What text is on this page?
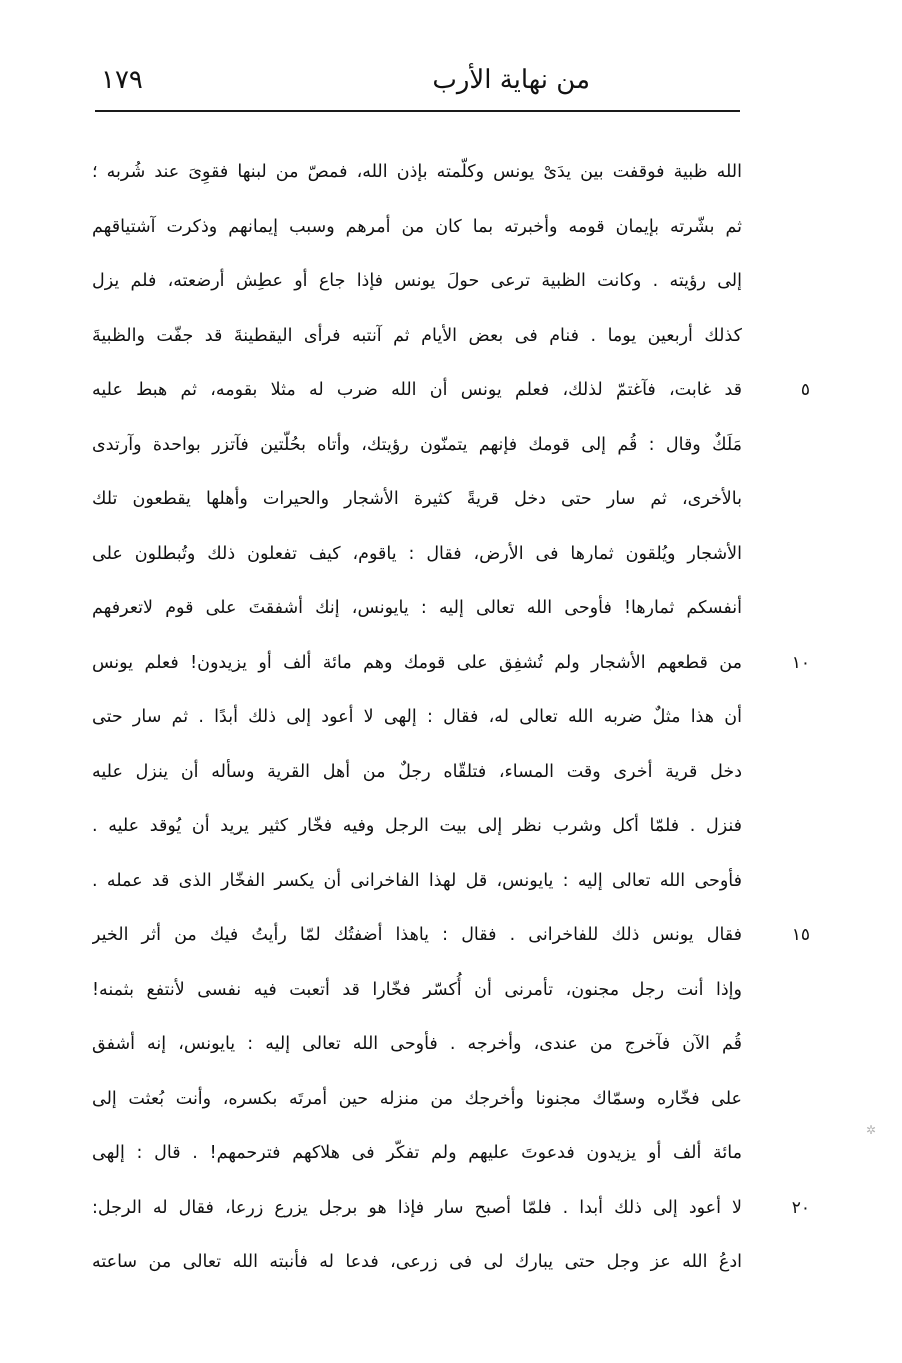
١٧٩	من نهاية الأرب
الله ظبية فوقفت بين يدَىْ يونس وكلّمته بإذن الله، فمصّ من لبنها فقوِىَ عند شُربه ؛
ثم بشّرته بإيمان قومه وأخبرته بما كان من أمرهم وسبب إيمانهم وذكرت آشتياقهم
إلى رؤيته . وكانت الظبية ترعى حولَ يونس فإذا جاع أو عطِش أرضعته، فلم يزل
كذلك أربعين يوما . فنام فى بعض الأيام ثم آنتبه فرأى اليقطينةَ قد جفّت والظبيةَ
قد غابت، فآغتمّ لذلك، فعلم يونس أن الله ضرب له مثلا بقومه، ثم هبط عليه
مَلَكٌ وقال : قُم إلى قومك فإنهم يتمنّون رؤيتك، وأتاه بحُلّتين فآتزر بواحدة وآرتدى
بالأخرى، ثم سار حتى دخل قريةً كثيرة الأشجار والحيرات وأهلها يقطعون تلك
الأشجار ويُلقون ثمارها فى الأرض، فقال : ياقوم، كيف تفعلون ذلك وتُبطلون على
أنفسكم ثمارها! فأوحى الله تعالى إليه : يايونس، إنك أشفقتَ على قوم لاتعرفهم
من قطعهم الأشجار ولم تُشفِق على قومك وهم مائة ألف أو يزيدون! فعلم يونس
أن هذا مثلٌ ضربه الله تعالى له، فقال : إلهى لا أعود إلى ذلك أبدًا . ثم سار حتى
دخل قرية أخرى وقت المساء، فتلقّاه رجلٌ من أهل القرية وسأله أن ينزل عليه
فنزل . فلمّا أكل وشرب نظر إلى بيت الرجل وفيه فخّار كثير يريد أن يُوقد عليه .
فأوحى الله تعالى إليه : يايونس، قل لهذا الفاخرانى أن يكسر الفخّار الذى قد عمله .
فقال يونس ذلك للفاخرانى . فقال : ياهذا أضفتُك لمّا رأيتُ فيك من أثر الخير
وإذا أنت رجل مجنون، تأمرنى أن أُكسّر فخّارا قد أتعبت فيه نفسى لأنتفع بثمنه!
قُم الآن فآخرج من عندى، وأخرجه . فأوحى الله تعالى إليه : يايونس، إنه أشفق
على فخّاره وسمّاك مجنونا وأخرجك من منزله حين أمرتَه بكسره، وأنت بُعثت إلى
مائة ألف أو يزيدون فدعوتَ عليهم ولم تفكّر فى هلاكهم فترحمهم! . قال : إلهى
لا أعود إلى ذلك أبدا . فلمّا أصبح سار فإذا هو برجل يزرع زرعا، فقال له الرجل:
ادعُ الله عز وجل حتى يبارك لى فى زرعى، فدعا له فأنبته الله تعالى من ساعته
٥
١٠
١٥
٢٠
✲
